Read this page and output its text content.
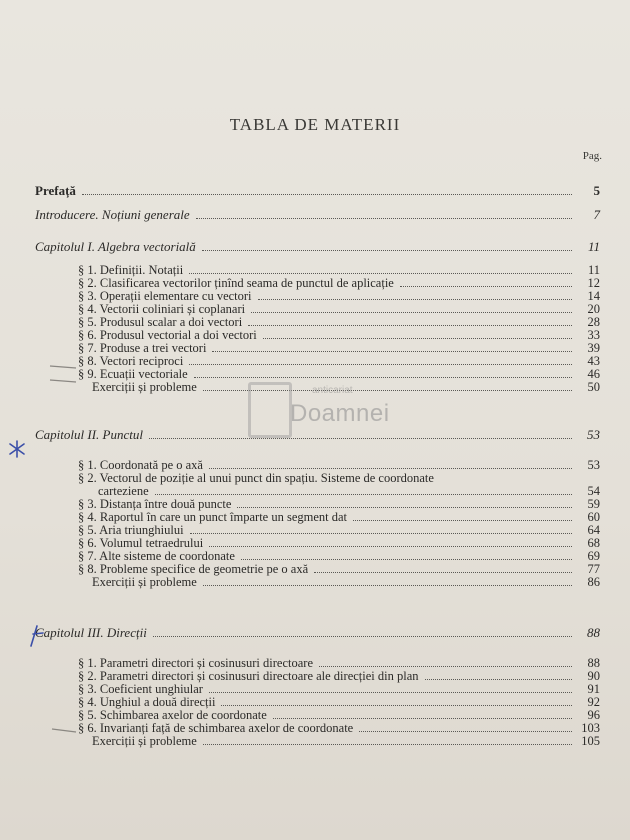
TABLA DE MATERII
Pag.
Prefață	5
Introducere. Noțiuni generale	7
Capitolul I. Algebra vectorială	11
§ 1. Definiții. Notații	11
§ 2. Clasificarea vectorilor ținînd seama de punctul de aplicație	12
§ 3. Operații elementare cu vectori	14
§ 4. Vectorii coliniari și coplanari	20
§ 5. Produsul scalar a doi vectori	28
§ 6. Produsul vectorial a doi vectori	33
§ 7. Produse a trei vectori	39
§ 8. Vectori reciproci	43
§ 9. Ecuații vectoriale	46
Exerciții și probleme	50
Capitolul II. Punctul	53
§ 1. Coordonată pe o axă	53
§ 2. Vectorul de poziție al unui punct din spațiu. Sisteme de coordonate
carteziene	54
§ 3. Distanța între două puncte	59
§ 4. Raportul în care un punct împarte un segment dat	60
§ 5. Aria triunghiului	64
§ 6. Volumul tetraedrului	68
§ 7. Alte sisteme de coordonate	69
§ 8. Probleme specifice de geometrie pe o axă	77
Exerciții și probleme	86
Capitolul III. Direcții	88
§ 1. Parametri directori și cosinusuri directoare	88
§ 2. Parametri directori și cosinusuri directoare ale direcției din plan	90
§ 3. Coeficient unghiular	91
§ 4. Unghiul a două direcții	92
§ 5. Schimbarea axelor de coordonate	96
§ 6. Invarianți față de schimbarea axelor de coordonate	103
Exerciții și probleme	105
anticariat
Doamnei
